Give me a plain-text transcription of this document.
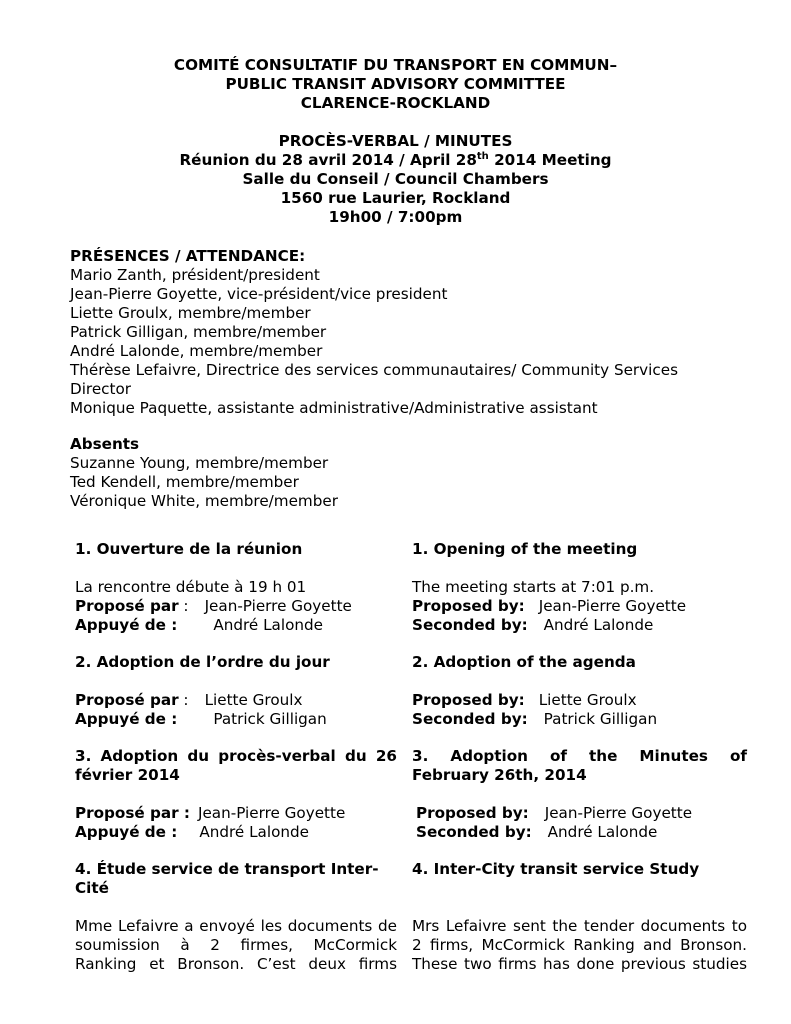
COMITÉ CONSULTATIF DU TRANSPORT EN COMMUN–
PUBLIC TRANSIT ADVISORY COMMITTEE
CLARENCE-ROCKLAND
PROCÈS-VERBAL / MINUTES
Réunion du 28 avril 2014 / April 28th 2014 Meeting
Salle du Conseil / Council Chambers
1560 rue Laurier, Rockland
19h00 / 7:00pm
PRÉSENCES / ATTENDANCE:
Mario Zanth, président/president
Jean-Pierre Goyette, vice-président/vice president
Liette Groulx, membre/member
Patrick Gilligan, membre/member
André Lalonde, membre/member
Thérèse Lefaivre, Directrice des services communautaires/ Community Services
Director
Monique Paquette, assistante administrative/Administrative assistant
Absents
Suzanne Young, membre/member
Ted Kendell, membre/member
Véronique White, membre/member
1. Ouverture de la réunion
La rencontre débute à 19 h 01
Proposé par : Jean-Pierre Goyette
Appuyé de : André Lalonde
1. Opening of the meeting
The meeting starts at 7:01 p.m.
Proposed by: Jean-Pierre Goyette
Seconded by: André Lalonde
2. Adoption de l’ordre du jour
Proposé par : Liette Groulx
Appuyé de : Patrick Gilligan
2. Adoption of the agenda
Proposed by: Liette Groulx
Seconded by: Patrick Gilligan
3. Adoption du procès-verbal du 26
février 2014
Proposé par : Jean-Pierre Goyette
Appuyé de : André Lalonde
3. Adoption of the Minutes of
February 26th, 2014
Proposed by: Jean-Pierre Goyette
Seconded by: André Lalonde
4. Étude service de transport Inter-
Cité
Mme Lefaivre a envoyé les documents de
soumission à 2 firmes, McCormick
Ranking et Bronson. C’est deux firms
4. Inter-City transit service Study
Mrs Lefaivre sent the tender documents to
2 firms, McCormick Ranking and Bronson.
These two firms has done previous studies
